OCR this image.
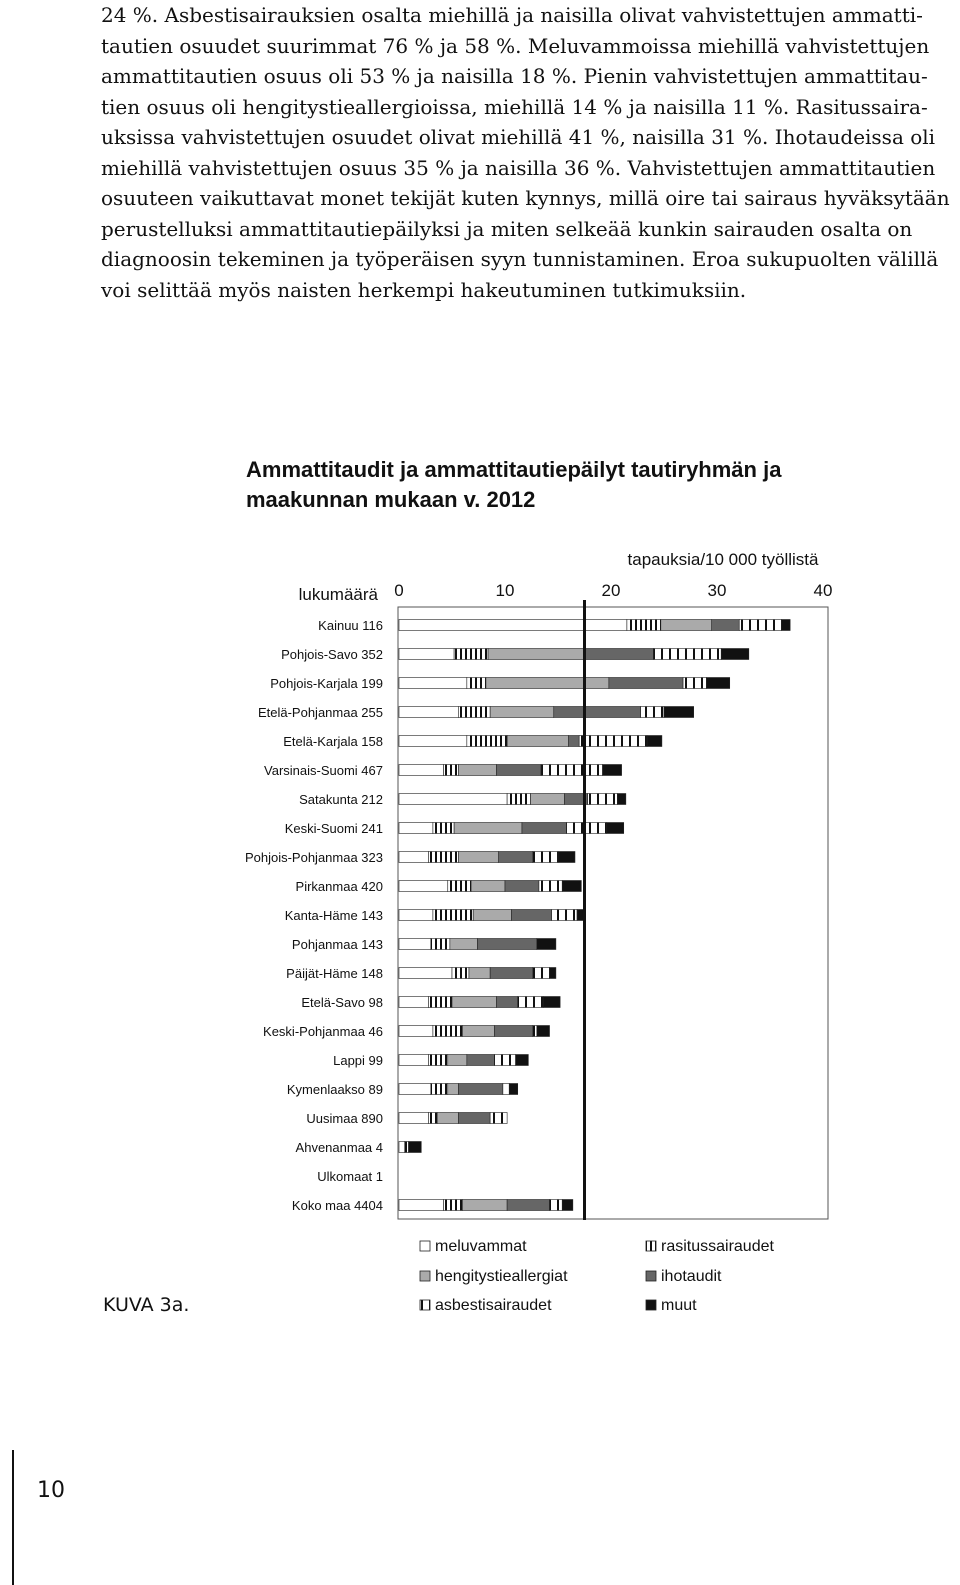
24 %. Asbestisairauksien osalta miehillä ja naisilla olivat vahvistettujen ammatti-
tautien osuudet suurimmat 76 % ja 58 %. Meluvammoissa miehillä vahvistettujen
ammattitautien osuus oli 53 % ja naisilla 18 %. Pienin vahvistettujen ammattitau-
tien osuus oli hengitystieallergioissa, miehillä 14 % ja naisilla 11 %. Rasitussaira-
uksissa vahvistettujen osuudet olivat miehillä 41 %, naisilla 31 %. Ihotaudeissa oli
miehillä vahvistettujen osuus 35 % ja naisilla 36 %. Vahvistettujen ammattitautien
osuuteen vaikuttavat monet tekijät kuten kynnys, millä oire tai sairaus hyväksytään
perustelluksi ammattitautiepäilyksi ja miten selkeää kunkin sairauden osalta on
diagnoosin tekeminen ja työperäisen syyn tunnistaminen. Eroa sukupuolten välillä
voi selittää myös naisten herkempi hakeutuminen tutkimuksiin.

Ammattitaudit ja ammattitautiepäilyt tautiryhmän ja maakunnan mukaan v. 2012
tapauksia/10 000 työllistä
lukumäärä 0	10	20	30	40
Kainuu 116
Pohjois-Savo 352
Pohjois-Karjala 199
Etelä-Pohjanmaa 255
Etelä-Karjala 158
Varsinais-Suomi 467
Satakunta 212
Keski-Suomi 241
Pohjois-Pohjanmaa 323
Pirkanmaa 420
Kanta-Häme 143
Pohjanmaa 143
Päijät-Häme 148
Etelä-Savo 98
Keski-Pohjanmaa 46
Lappi 99
Kymenlaakso 89
Uusimaa 890
Ahvenanmaa 4
Ulkomaat 1
Koko maa 4404
meluvammat
hengitystieallergiat
asbestisairaudet
rasitussairaudet
ihotaudit
muut
KUVA 3a.
10
